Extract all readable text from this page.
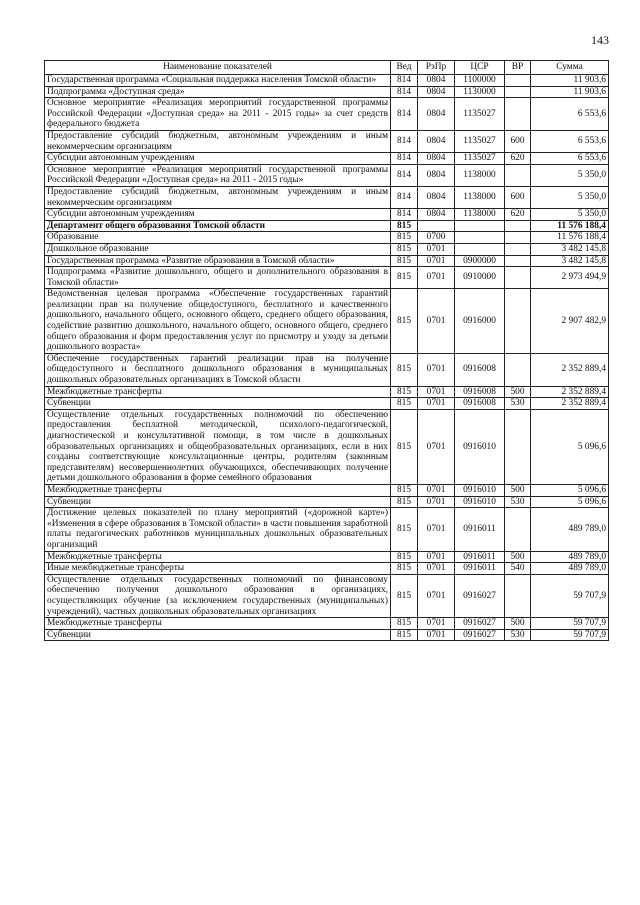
143
Наименование показателей	Вед	РзПр	ЦСР	ВР	Сумма
Государственная программа «Социальная поддержка населения Томской области»	814	0804	1100000		11 903,6
Подпрограмма «Доступная среда»	814	0804	1130000		11 903,6
Основное мероприятие «Реализация мероприятий государственной программы Российской Федерации «Доступная среда» на 2011 - 2015 годы» за счет средств федерального бюджета	814	0804	1135027		6 553,6
Предоставление субсидий бюджетным, автономным учреждениям и иным некоммерческим организациям	814	0804	1135027	600	6 553,6
Субсидии автономным учреждениям	814	0804	1135027	620	6 553,6
Основное мероприятие «Реализация мероприятий государственной программы Российской Федерации «Доступная среда» на 2011 - 2015 годы»	814	0804	1138000		5 350,0
Предоставление субсидий бюджетным, автономным учреждениям и иным некоммерческим организациям	814	0804	1138000	600	5 350,0
Субсидии автономным учреждениям	814	0804	1138000	620	5 350,0
Департамент общего образования Томской области	815				11 576 188,4
Образование	815	0700			11 576 188,4
Дошкольное образование	815	0701			3 482 145,8
Государственная программа «Развитие образования в Томской области»	815	0701	0900000		3 482 145,8
Подпрограмма «Развитие дошкольного, общего и дополнительного образования в Томской области»	815	0701	0910000		2 973 494,9
Ведомственная целевая программа «Обеспечение государственных гарантий реализации прав на получение общедоступного, бесплатного и качественного дошкольного, начального общего, основного общего, среднего общего образования, содействие развитию дошкольного, начального общего, основного общего, среднего общего образования и форм предоставления услуг по присмотру и уходу за детьми дошкольного возраста»	815	0701	0916000		2 907 482,9
Обеспечение государственных гарантий реализации прав на получение общедоступного и бесплатного дошкольного образования в муниципальных дошкольных образовательных организациях в Томской области	815	0701	0916008		2 352 889,4
Межбюджетные трансферты	815	0701	0916008	500	2 352 889,4
Субвенции	815	0701	0916008	530	2 352 889,4
Осуществление отдельных государственных полномочий по обеспечению предоставления бесплатной методической, психолого-педагогической, диагностической и консультативной помощи, в том числе в дошкольных образовательных организациях и общеобразовательных организациях, если в них созданы соответствующие консультационные центры, родителям (законным представителям) несовершеннолетних обучающихся, обеспечивающих получение детьми дошкольного образования в форме семейного образования	815	0701	0916010		5 096,6
Межбюджетные трансферты	815	0701	0916010	500	5 096,6
Субвенции	815	0701	0916010	530	5 096,6
Достижение целевых показателей по плану мероприятий («дорожной карте») «Изменения в сфере образования в Томской области» в части повышения заработной платы педагогических работников муниципальных дошкольных образовательных организаций	815	0701	0916011		489 789,0
Межбюджетные трансферты	815	0701	0916011	500	489 789,0
Иные межбюджетные трансферты	815	0701	0916011	540	489 789,0
Осуществление отдельных государственных полномочий по финансовому обеспечению получения дошкольного образования в организациях, осуществляющих обучение (за исключением государственных (муниципальных) учреждений), частных дошкольных образовательных организациях	815	0701	0916027		59 707,9
Межбюджетные трансферты	815	0701	0916027	500	59 707,9
Субвенции	815	0701	0916027	530	59 707,9
